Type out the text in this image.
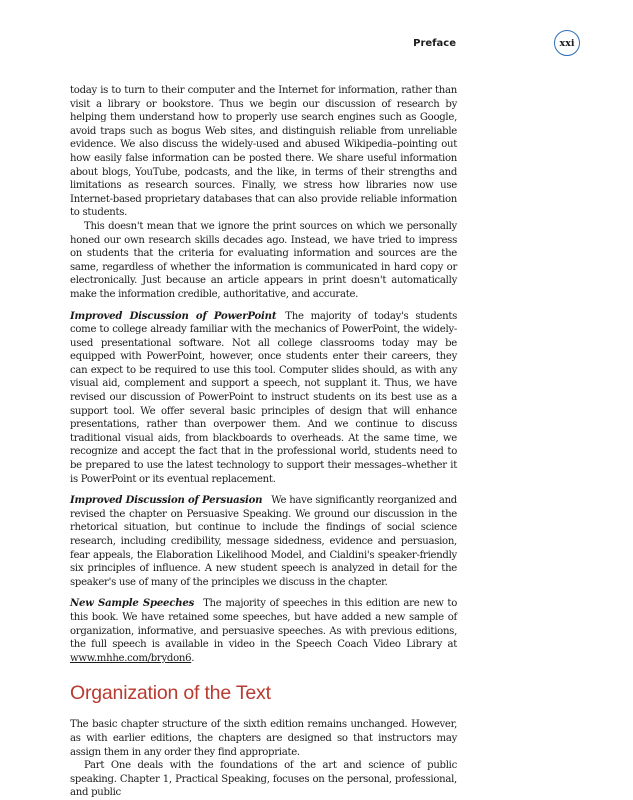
Preface	xxi

today is to turn to their computer and the Internet for information, rather than visit a library or bookstore. Thus we begin our discussion of research by helping them understand how to properly use search engines such as Google, avoid traps such as bogus Web sites, and distinguish reliable from unreliable evidence. We also discuss the widely-used and abused Wikipedia–pointing out how easily false information can be posted there. We share useful information about blogs, YouTube, podcasts, and the like, in terms of their strengths and limitations as research sources. Finally, we stress how libraries now use Internet-based proprietary databases that can also provide reliable information to students.

This doesn't mean that we ignore the print sources on which we personally honed our own research skills decades ago. Instead, we have tried to impress on students that the criteria for evaluating information and sources are the same, regardless of whether the information is communicated in hard copy or electronically. Just because an article appears in print doesn't automatically make the information credible, authoritative, and accurate.

Improved Discussion of PowerPoint The majority of today's students come to college already familiar with the mechanics of PowerPoint, the widely-used presentational software. Not all college classrooms today may be equipped with PowerPoint, however, once students enter their careers, they can expect to be required to use this tool. Computer slides should, as with any visual aid, complement and support a speech, not supplant it. Thus, we have revised our discussion of PowerPoint to instruct students on its best use as a support tool. We offer several basic principles of design that will enhance presentations, rather than overpower them. And we continue to discuss traditional visual aids, from blackboards to overheads. At the same time, we recognize and accept the fact that in the professional world, students need to be prepared to use the latest technology to support their messages–whether it is PowerPoint or its eventual replacement.

Improved Discussion of Persuasion We have significantly reorganized and revised the chapter on Persuasive Speaking. We ground our discussion in the rhetorical situation, but continue to include the findings of social science research, including credibility, message sidedness, evidence and persuasion, fear appeals, the Elaboration Likelihood Model, and Cialdini's speaker-friendly six principles of influence. A new student speech is analyzed in detail for the speaker's use of many of the principles we discuss in the chapter.

New Sample Speeches The majority of speeches in this edition are new to this book. We have retained some speeches, but have added a new sample of organization, informative, and persuasive speeches. As with previous editions, the full speech is available in video in the Speech Coach Video Library at www.mhhe.com/brydon6.

Organization of the Text

The basic chapter structure of the sixth edition remains unchanged. However, as with earlier editions, the chapters are designed so that instructors may assign them in any order they find appropriate.

Part One deals with the foundations of the art and science of public speaking. Chapter 1, Practical Speaking, focuses on the personal, professional, and public
